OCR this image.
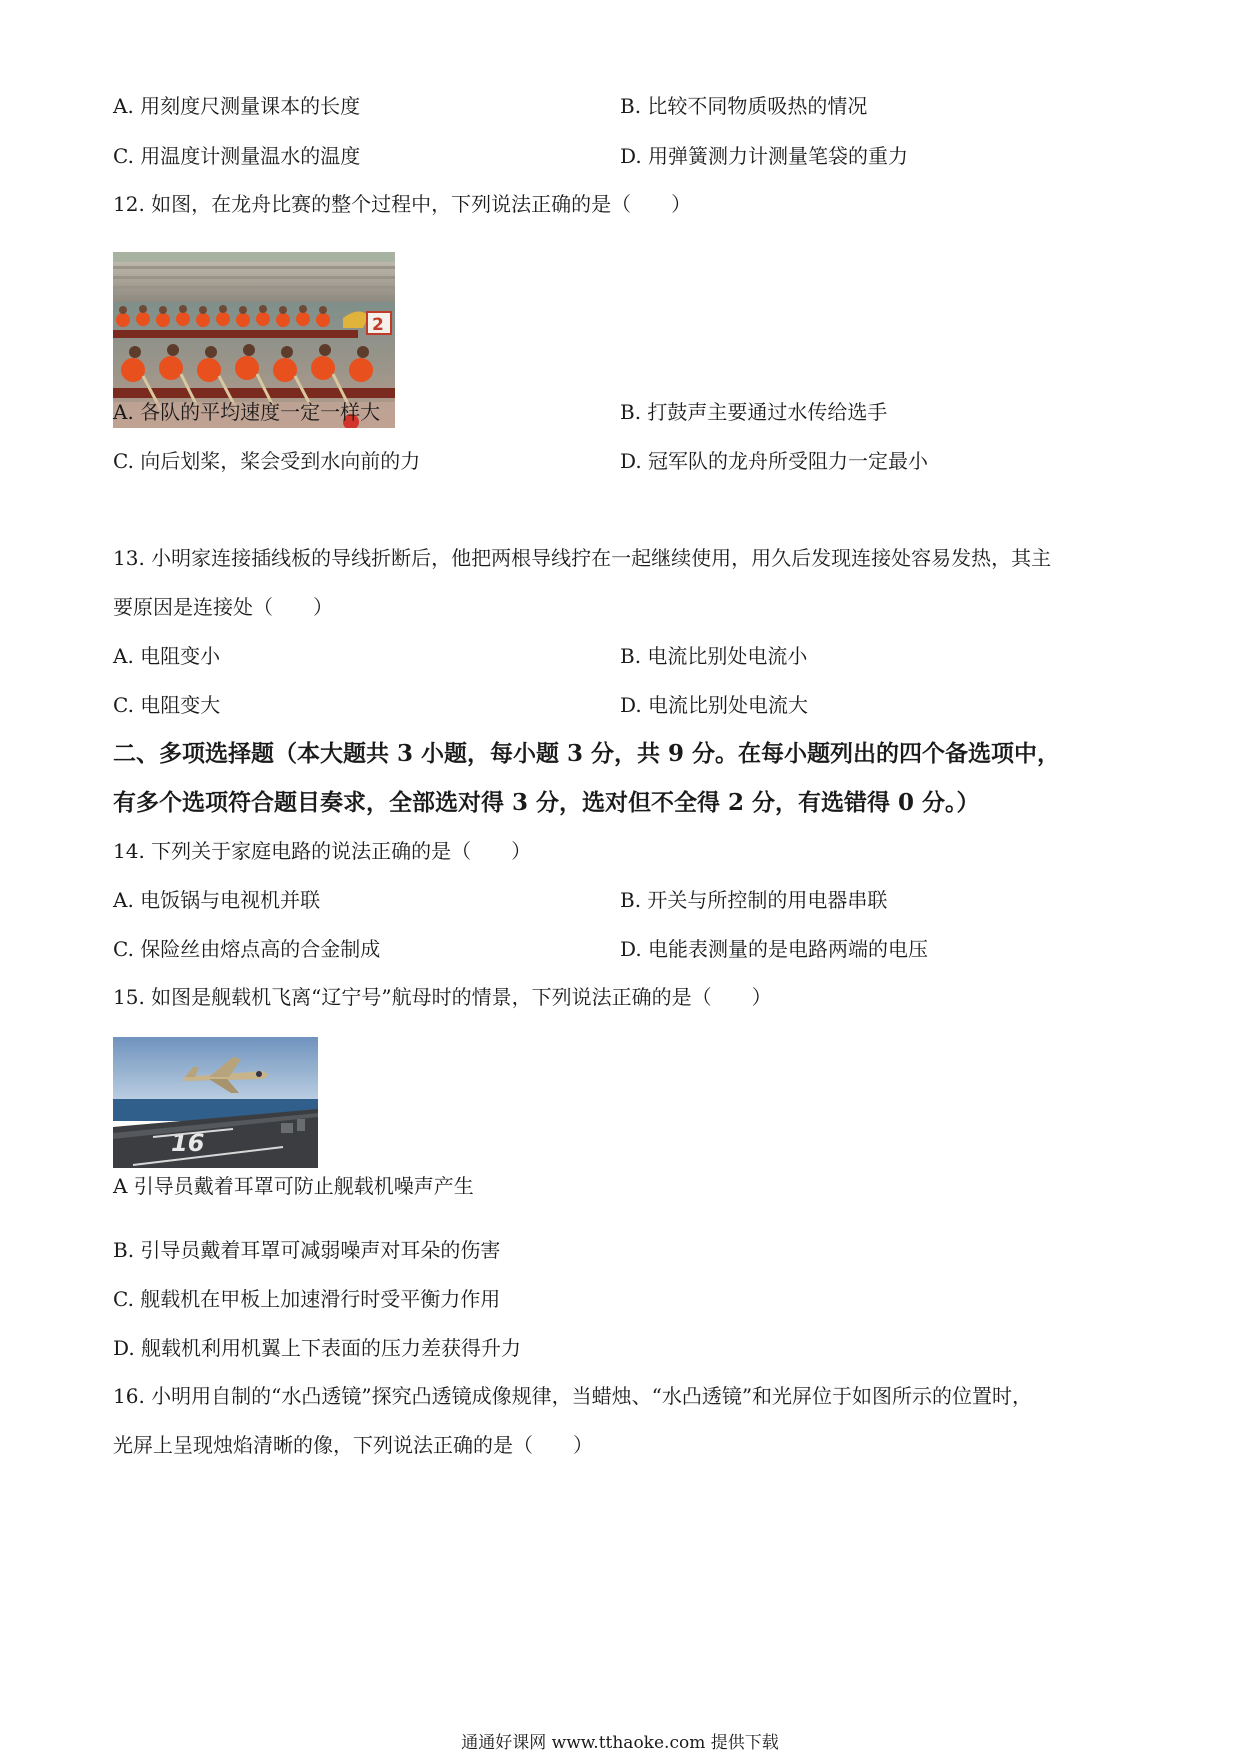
A. 用刻度尺测量课本的长度	B. 比较不同物质吸热的情况
C. 用温度计测量温水的温度	D. 用弹簧测力计测量笔袋的重力
12. 如图，在龙舟比赛的整个过程中，下列说法正确的是（　　）
2
A. 各队的平均速度一定一样大	B. 打鼓声主要通过水传给选手
C. 向后划桨，桨会受到水向前的力	D. 冠军队的龙舟所受阻力一定最小
13. 小明家连接插线板的导线折断后，他把两根导线拧在一起继续使用，用久后发现连接处容易发热，其主
要原因是连接处（　　）
A. 电阻变小	B. 电流比别处电流小
C. 电阻变大	D. 电流比别处电流大
二、多项选择题（本大题共 3 小题，每小题 3 分，共 9 分。在每小题列出的四个备选项中，
有多个选项符合题目奏求，全部选对得 3 分，选对但不全得 2 分，有选错得 0 分。）
14. 下列关于家庭电路的说法正确的是（　　）
A. 电饭锅与电视机并联	B. 开关与所控制的用电器串联
C. 保险丝由熔点高的合金制成	D. 电能表测量的是电路两端的电压
15. 如图是舰载机飞离“辽宁号”航母时的情景，下列说法正确的是（　　）
16
A 引导员戴着耳罩可防止舰载机噪声产生
B. 引导员戴着耳罩可减弱噪声对耳朵的伤害
C. 舰载机在甲板上加速滑行时受平衡力作用
D. 舰载机利用机翼上下表面的压力差获得升力
16. 小明用自制的“水凸透镜”探究凸透镜成像规律，当蜡烛、“水凸透镜”和光屏位于如图所示的位置时，
光屏上呈现烛焰清晰的像，下列说法正确的是（　　）
通通好课网 www.tthaoke.com 提供下载
